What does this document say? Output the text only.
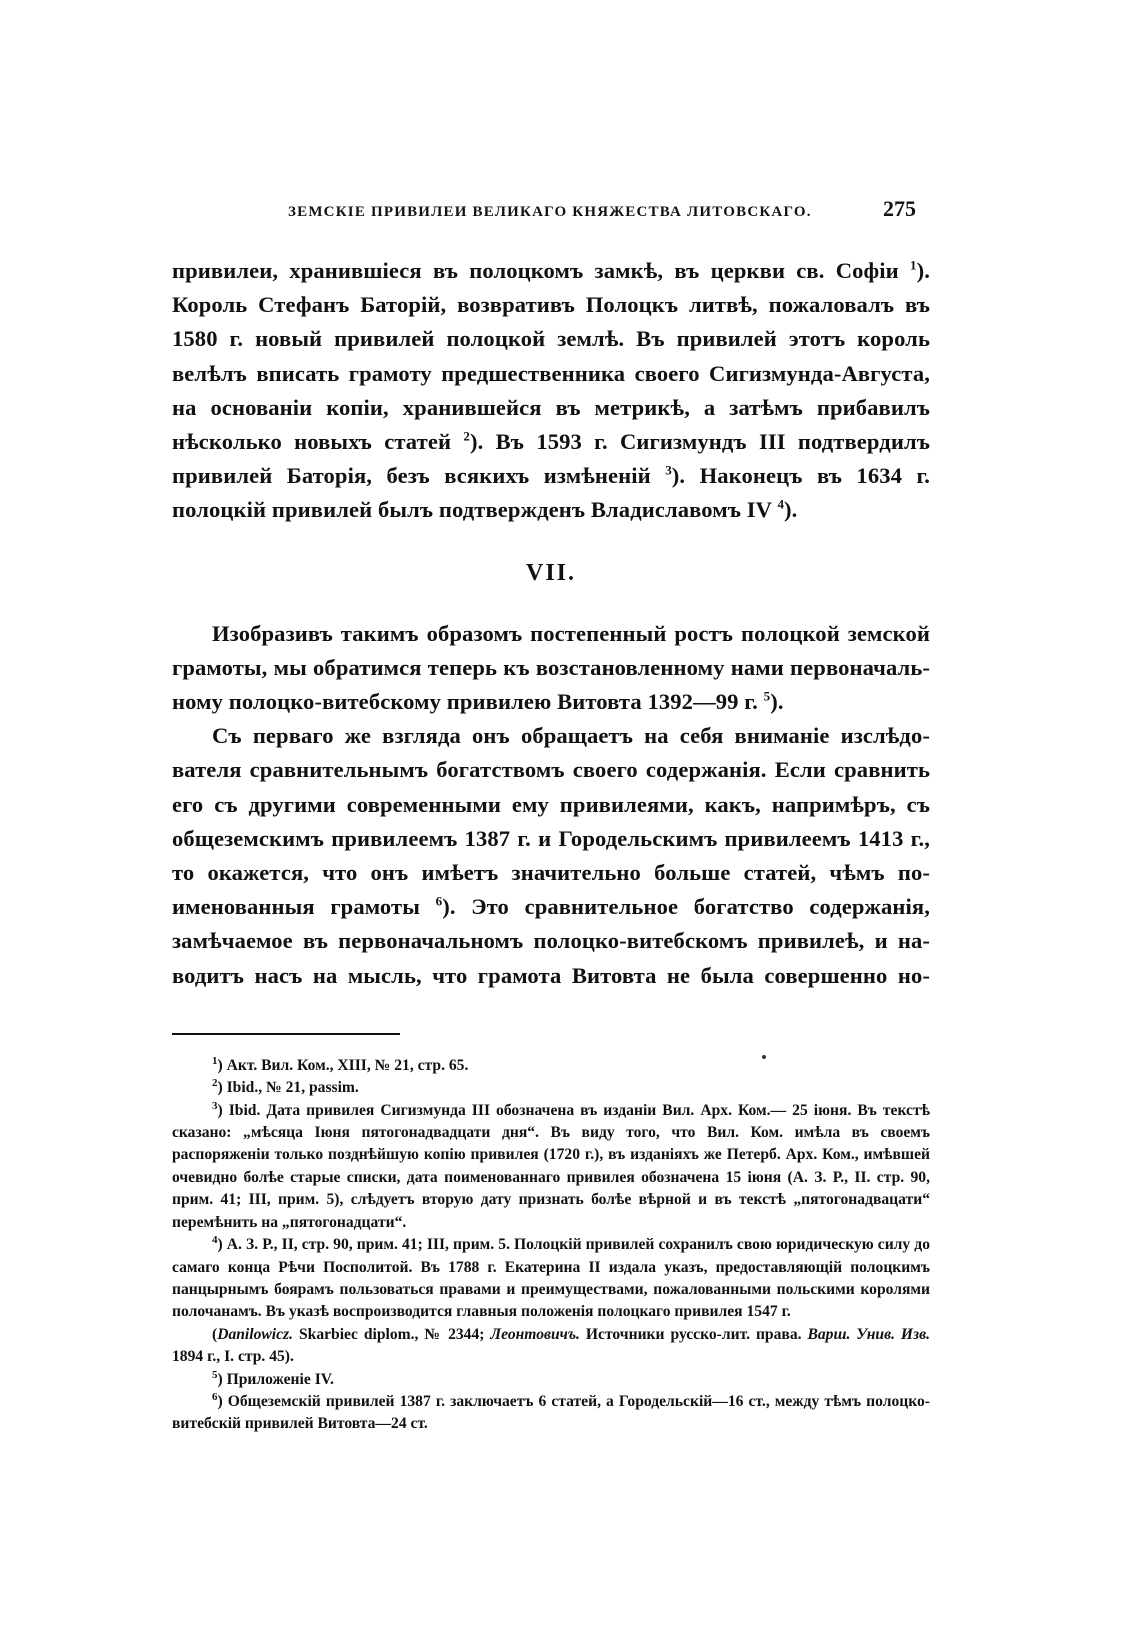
ЗЕМСКІЕ ПРИВИЛЕИ ВЕЛИКАГО КНЯЖЕСТВА ЛИТОВСКАГО.	275

привилеи, хранившіеся въ полоцкомъ замкѣ, въ церкви св. Софіи $^1$).
Король Стефанъ Баторій, возвративъ Полоцкъ литвѣ, пожаловалъ въ
1580 г. новый привилей полоцкой землѣ. Въ привилей этотъ король
велѣлъ вписать грамоту предшественника своего Сигизмунда-Августа,
на основаніи копіи, хранившейся въ метрикѣ, а затѣмъ прибавилъ
нѣсколько новыхъ статей $^2$). Въ 1593 г. Сигизмундъ III подтвердилъ
привилей Баторія, безъ всякихъ измѣненій $^3$). Наконецъ въ 1634 г.
полоцкій привилей былъ подтвержденъ Владиславомъ IV $^4$).

VII.

Изобразивъ такимъ образомъ постепенный ростъ полоцкой земской
грамоты, мы обратимся теперь къ возстановленному нами первоначаль-
ному полоцко-витебскому привилею Витовта 1392—99 г. $^5$).

Съ перваго же взгляда онъ обращаетъ на себя вниманіе изслѣдо-
вателя сравнительнымъ богатствомъ своего содержанія. Если сравнить
его съ другими современными ему привилеями, какъ, напримѣръ, съ
общеземскимъ привилеемъ 1387 г. и Городельскимъ привилеемъ 1413 г.,
то окажется, что онъ имѣетъ значительно больше статей, чѣмъ по-
именованныя грамоты $^6$). Это сравнительное богатство содержанія,
замѣчаемое въ первоначальномъ полоцко-витебскомъ привилеѣ, и на-
водитъ насъ на мысль, что грамота Витовта не была совершенно но-

$^1$) Акт. Вил. Ком., XIII, № 21, стр. 65.

$^2$) Ibid., № 21, passim.

$^3$) Ibid. Дата привилея Сигизмунда III обозначена въ изданіи Вил. Арх. Ком.— 25 іюня. Въ текстѣ сказано: „мѣсяца Іюня пятогонадвадцати дня“. Въ виду того, что Вил. Ком. имѣла въ своемъ распоряженіи только позднѣйшую копію привилея (1720 г.), въ изданіяхъ же Петерб. Арх. Ком., имѣвшей очевидно болѣе старые списки, дата поименованнаго привилея обозначена 15 іюня (А. З. Р., II. стр. 90, прим. 41; III, прим. 5), слѣдуетъ вторую дату признать болѣе вѣрной и въ текстѣ „пятогонадвацати“ перемѣнить на „пятогонадцати“.

$^4$) А. З. Р., II, стр. 90, прим. 41; III, прим. 5. Полоцкій привилей сохранилъ свою юридическую силу до самаго конца Рѣчи Посполитой. Въ 1788 г. Екатерина II издала указъ, предоставляющій полоцкимъ панцырнымъ боярамъ пользоваться правами и преимуществами, пожалованными польскими королями полочанамъ. Въ указѣ воспроизводится главныя положенія полоцкаго привилея 1547 г.

(Danilowicz. Skarbiec diplom., № 2344; Леонтовичъ. Источники русско-лит. права. Варш. Унив. Изв. 1894 г., I. стр. 45).

$^5$) Приложеніе IV.

$^6$) Общеземскій привилей 1387 г. заключаетъ 6 статей, а Городельскій—16 ст., между тѣмъ полоцко-витебскій привилей Витовта—24 ст.
